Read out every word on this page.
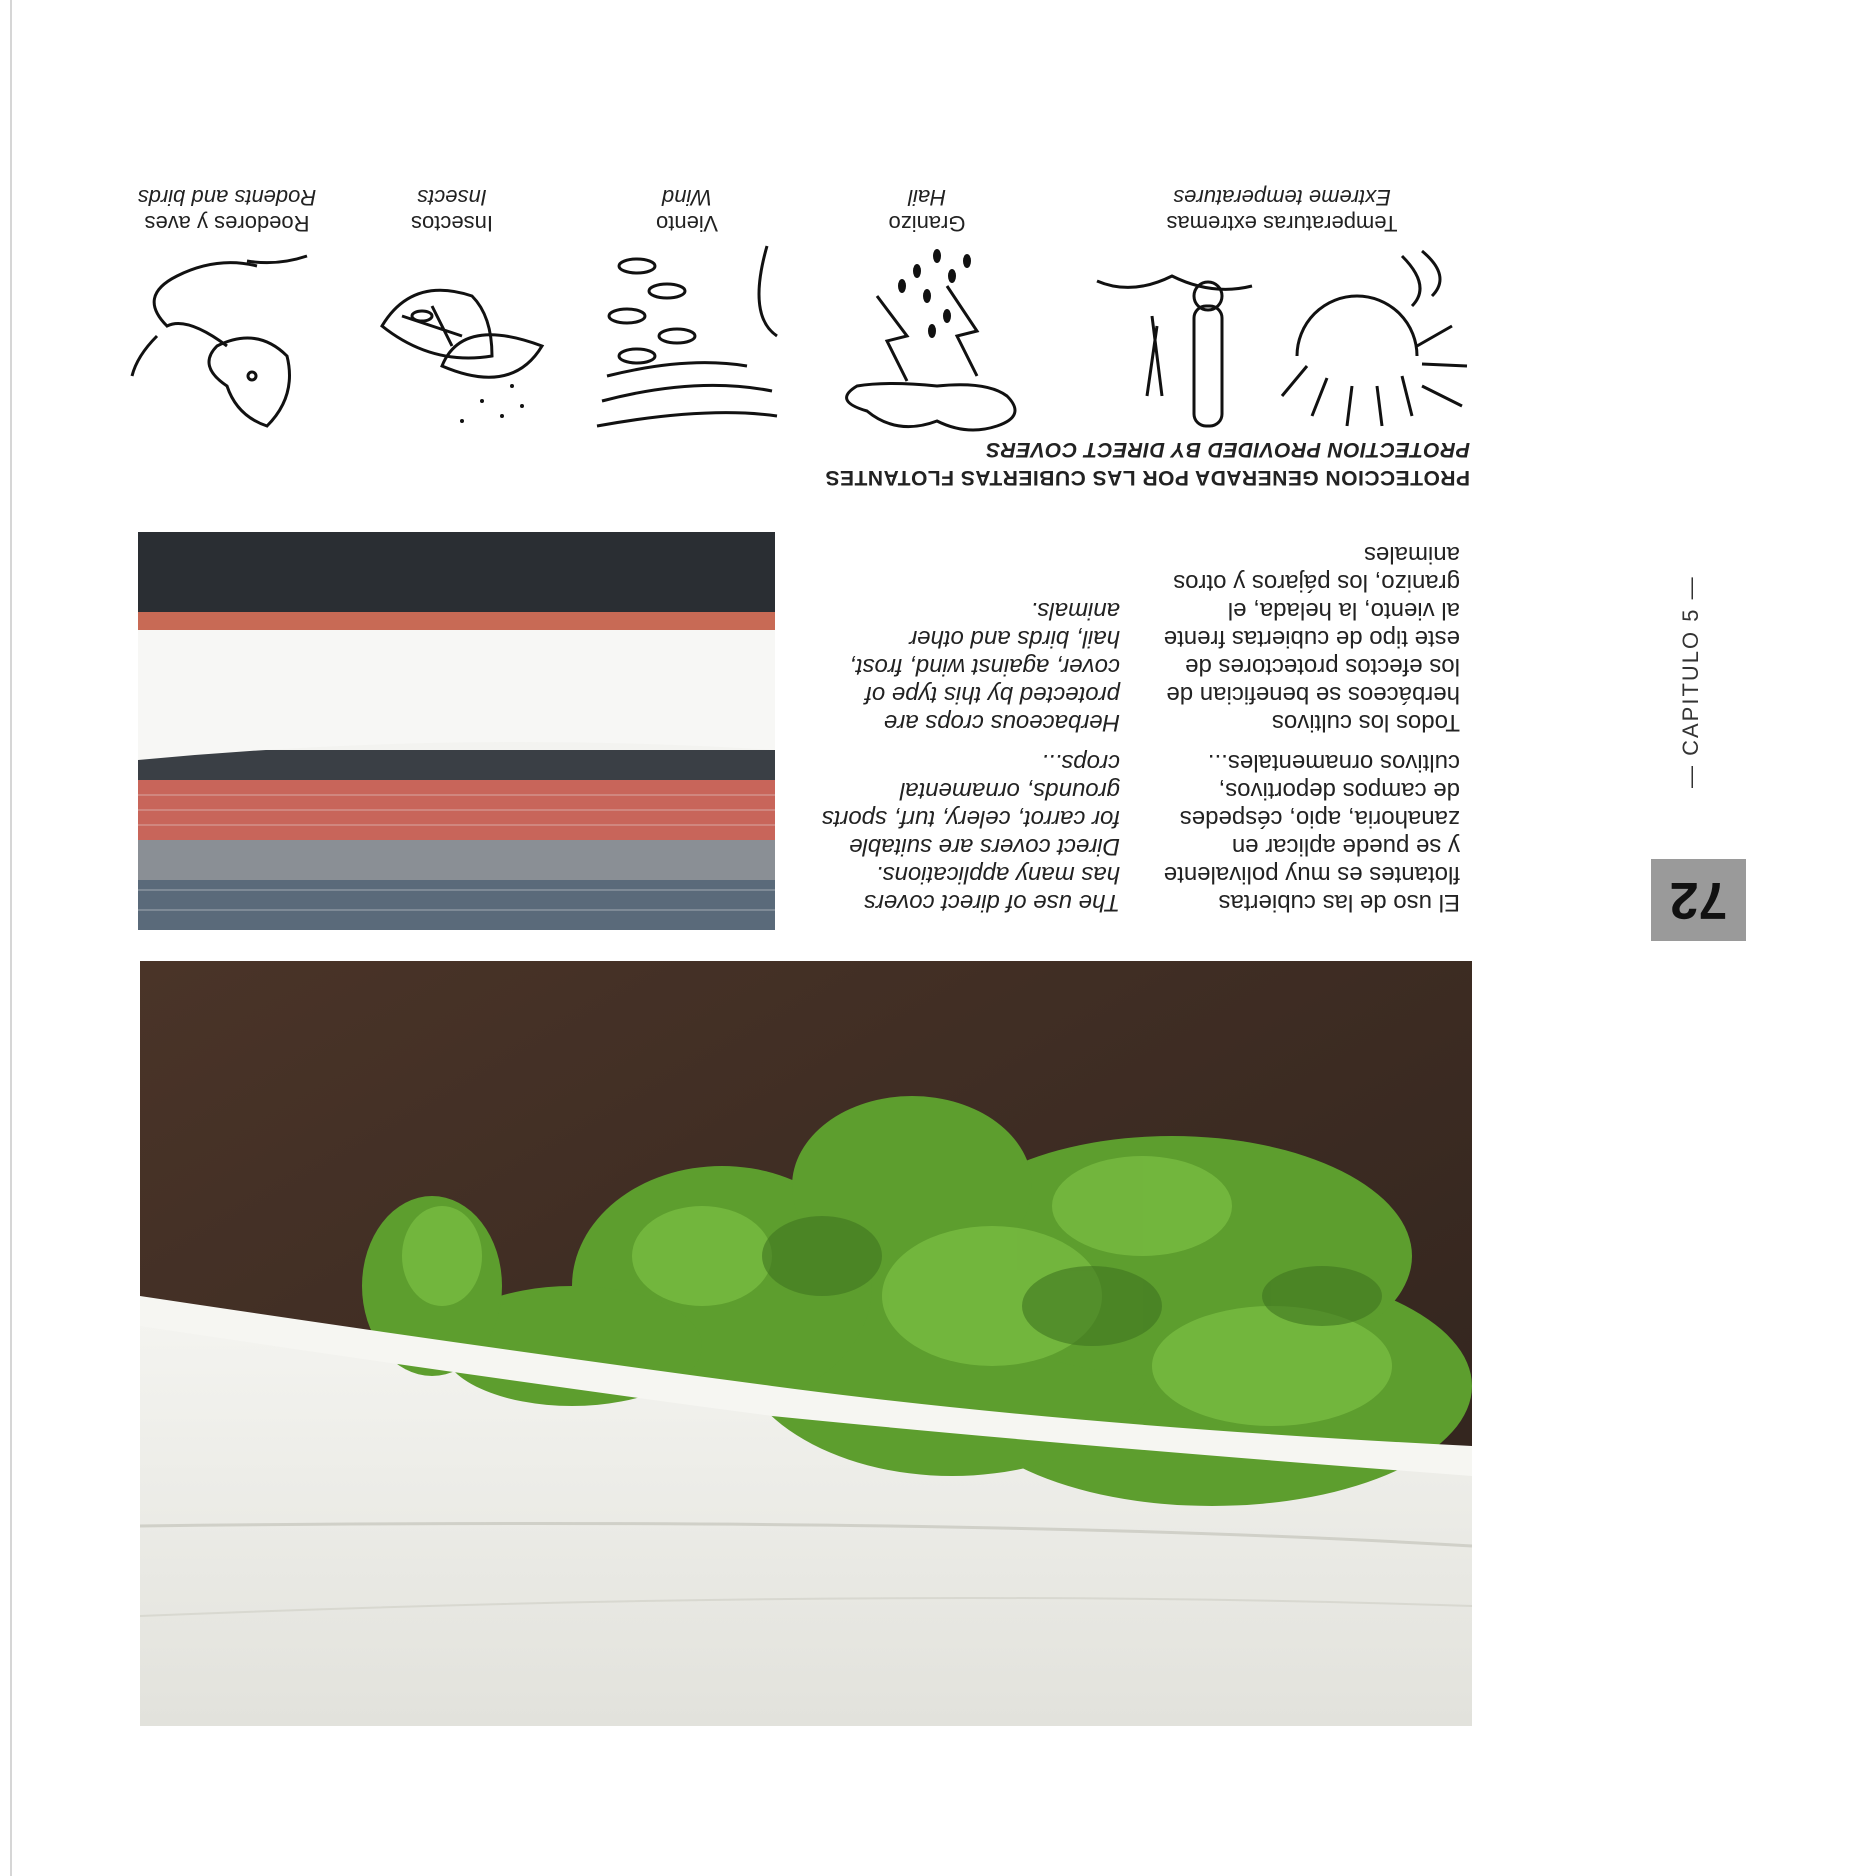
72
— CAPITULO 5 —

El uso de las cubiertas flotantes es muy polivalente y se puede aplicar en zanahoria, apio, céspedes de campos deportivos, cultivos ornamentales...

Todos los cultivos herbáceos se benefician de los efectos protectores de este tipo de cubiertas frente al viento, la helada, el granizo, los pájaros y otros animales

The use of direct covers has many applications. Direct covers are suitable for carrot, celery, turf, sports grounds, ornamental crops...

Herbaceous crops are protected by this type of cover, against wind, frost, hail, birds and other animals.

PROTECCION GENERADA POR LAS CUBIERTAS FLOTANTES
PROTECTION PROVIDED BY DIRECT COVERS
Temperaturas extremas
Extreme temperatures
Granizo
Hail
Viento
Wind
Insectos
Insects
Roedores y aves
Rodents and birds
